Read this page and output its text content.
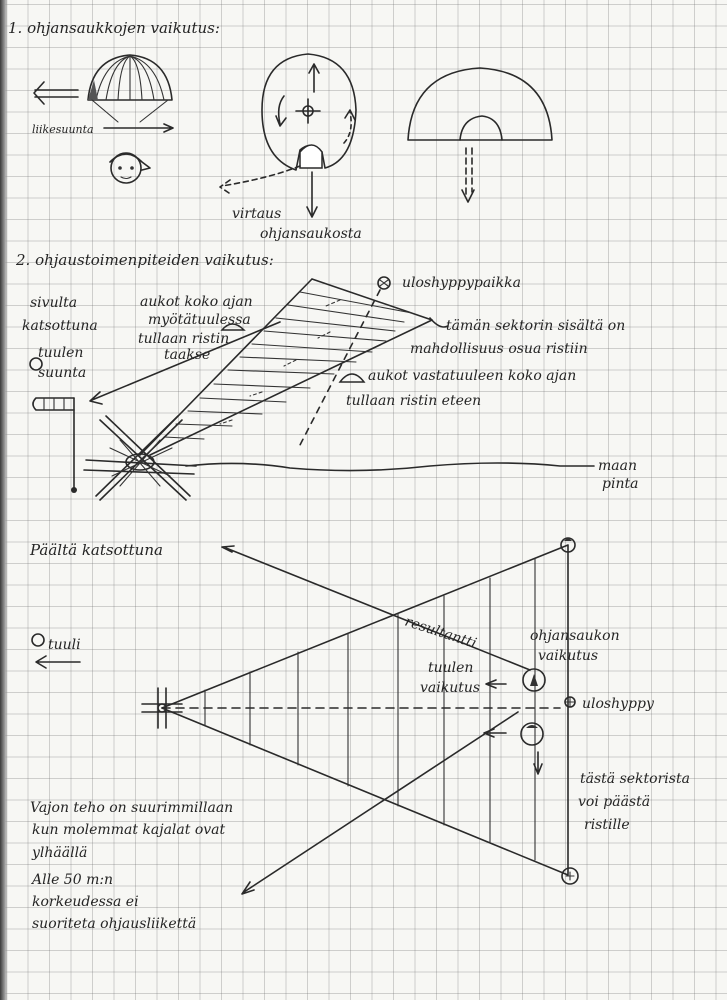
1. ohjansaukkojen vaikutus:
liikesuunta
virtaus
ohjansaukosta
2. ohjaustoimenpiteiden vaikutus:
sivulta
katsottuna
aukot koko ajan
myötätuulessa
tullaan ristin
taakse
tuulen
suunta
uloshyppypaikka
tämän sektorin sisältä on
mahdollisuus osua ristiin
aukot vastatuuleen koko ajan
tullaan ristin eteen
maan
pinta
Päältä katsottuna
tuuli	resultantti	ohjansaukon
vaikutus
tuulen
vaikutus
uloshyppy
tästä sektorista
voi päästä
ristille
Vajon teho on suurimmillaan
kun molemmat kajalat ovat
ylhäällä
Alle 50 m:n
korkeudessa ei
suoriteta ohjausliikettä
